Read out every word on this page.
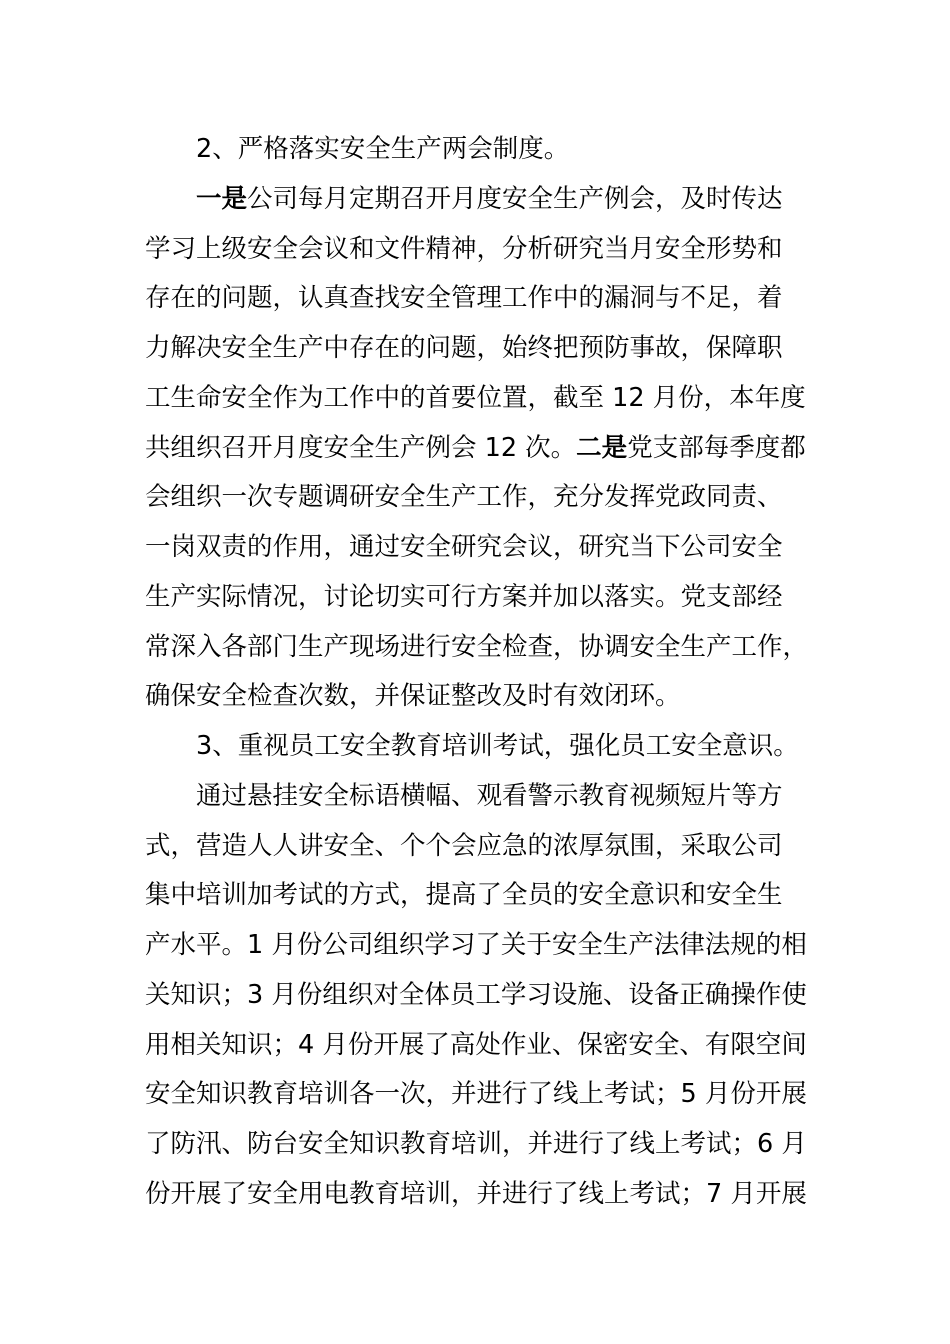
2、严格落实安全生产两会制度。
一是公司每月定期召开月度安全生产例会，及时传达
学习上级安全会议和文件精神，分析研究当月安全形势和
存在的问题，认真查找安全管理工作中的漏洞与不足，着
力解决安全生产中存在的问题，始终把预防事故，保障职
工生命安全作为工作中的首要位置，截至 12 月份，本年度
共组织召开月度安全生产例会 12 次。二是党支部每季度都
会组织一次专题调研安全生产工作，充分发挥党政同责、
一岗双责的作用，通过安全研究会议，研究当下公司安全
生产实际情况，讨论切实可行方案并加以落实。党支部经
常深入各部门生产现场进行安全检查，协调安全生产工作，
确保安全检查次数，并保证整改及时有效闭环。
3、重视员工安全教育培训考试，强化员工安全意识。
通过悬挂安全标语横幅、观看警示教育视频短片等方
式，营造人人讲安全、个个会应急的浓厚氛围，采取公司
集中培训加考试的方式，提高了全员的安全意识和安全生
产水平。1 月份公司组织学习了关于安全生产法律法规的相
关知识；3 月份组织对全体员工学习设施、设备正确操作使
用相关知识；4 月份开展了高处作业、保密安全、有限空间
安全知识教育培训各一次，并进行了线上考试；5 月份开展
了防汛、防台安全知识教育培训，并进行了线上考试；6 月
份开展了安全用电教育培训，并进行了线上考试；7 月开展
